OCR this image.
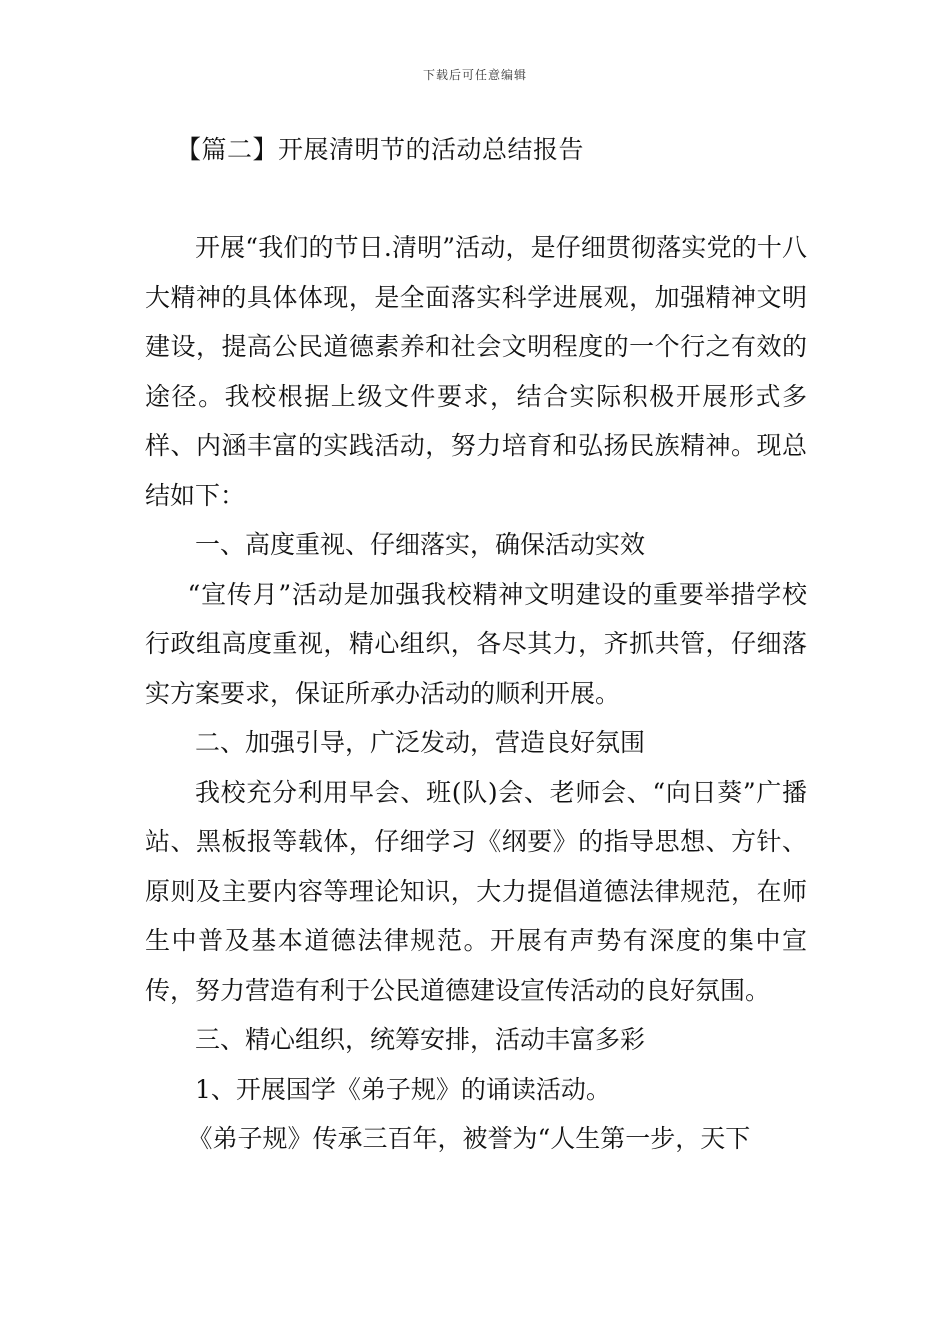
下载后可任意编辑
【篇二】开展清明节的活动总结报告

开展“我们的节日.清明”活动，是仔细贯彻落实党的十八大精神的具体体现，是全面落实科学进展观，加强精神文明建设，提高公民道德素养和社会文明程度的一个行之有效的途径。我校根据上级文件要求，结合实际积极开展形式多样、内涵丰富的实践活动，努力培育和弘扬民族精神。现总结如下：

一、高度重视、仔细落实，确保活动实效

“宣传月”活动是加强我校精神文明建设的重要举措学校行政组高度重视，精心组织，各尽其力，齐抓共管，仔细落实方案要求，保证所承办活动的顺利开展。

二、加强引导，广泛发动，营造良好氛围

我校充分利用早会、班(队)会、老师会、“向日葵”广播站、黑板报等载体，仔细学习《纲要》的指导思想、方针、原则及主要内容等理论知识，大力提倡道德法律规范，在师生中普及基本道德法律规范。开展有声势有深度的集中宣传，努力营造有利于公民道德建设宣传活动的良好氛围。

三、精心组织，统筹安排，活动丰富多彩

1、开展国学《弟子规》的诵读活动。

《弟子规》传承三百年，被誉为“人生第一步，天下
